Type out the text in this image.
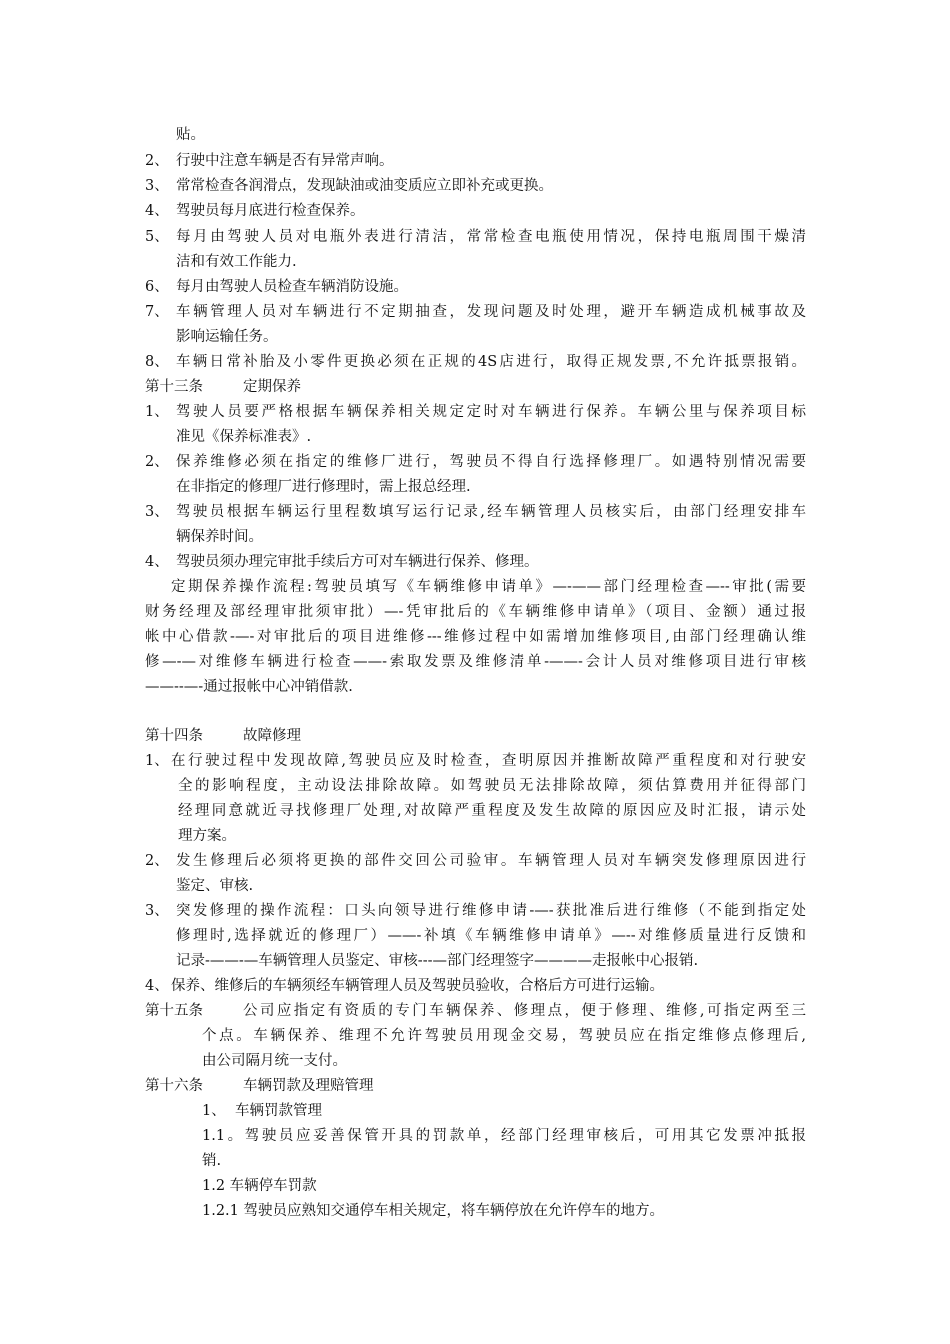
贴。
2、 行驶中注意车辆是否有异常声响。
3、 常常检查各润滑点，发现缺油或油变质应立即补充或更换。
4、 驾驶员每月底进行检查保养。
5、 每月由驾驶人员对电瓶外表进行清洁，常常检查电瓶使用情况，保持电瓶周围干燥清
洁和有效工作能力.
6、 每月由驾驶人员检查车辆消防设施。
7、 车辆管理人员对车辆进行不定期抽查，发现问题及时处理，避开车辆造成机械事故及
影响运输任务。
8、 车辆日常补胎及小零件更换必须在正规的4S店进行，取得正规发票,不允许抵票报销。
第十三条	定期保养
1、 驾驶人员要严格根据车辆保养相关规定定时对车辆进行保养。车辆公里与保养项目标
准见《保养标准表》.
2、 保养维修必须在指定的维修厂进行，驾驶员不得自行选择修理厂。如遇特别情况需要
在非指定的修理厂进行修理时，需上报总经理.
3、 驾驶员根据车辆运行里程数填写运行记录,经车辆管理人员核实后，由部门经理安排车
辆保养时间。
4、 驾驶员须办理完审批手续后方可对车辆进行保养、修理。
定期保养操作流程:驾驶员填写《车辆维修申请单》—-——部门经理检查—--审批(需要
财务经理及部经理审批须审批）—-凭审批后的《车辆维修申请单》（项目、金额）通过报
帐中心借款-—-对审批后的项目进维修---维修过程中如需增加维修项目,由部门经理确认维
修—-—对维修车辆进行检查——-索取发票及维修清单-——-会计人员对维修项目进行审核
——--—-通过报帐中心冲销借款.
第十四条	故障修理
1、 在行驶过程中发现故障,驾驶员应及时检查，查明原因并推断故障严重程度和对行驶安
全的影响程度，主动设法排除故障。如驾驶员无法排除故障，须估算费用并征得部门
经理同意就近寻找修理厂处理,对故障严重程度及发生故障的原因应及时汇报，请示处
理方案。
2、 发生修理后必须将更换的部件交回公司验审。车辆管理人员对车辆突发修理原因进行
鉴定、审核.
3、 突发修理的操作流程：口头向领导进行维修申请-—-获批准后进行维修（不能到指定处
修理时,选择就近的修理厂）——-补填《车辆维修申请单》—--对维修质量进行反馈和
记录-——-—车辆管理人员鉴定、审核---—部门经理签字————走报帐中心报销.
4、 保养、维修后的车辆须经车辆管理人员及驾驶员验收，合格后方可进行运输。
第十五条	公司应指定有资质的专门车辆保养、修理点，便于修理、维修,可指定两至三
个点。车辆保养、维理不允许驾驶员用现金交易，驾驶员应在指定维修点修理后,
由公司隔月统一支付。
第十六条	车辆罚款及理赔管理
1、  车辆罚款管理
1.1。驾驶员应妥善保管开具的罚款单，经部门经理审核后，可用其它发票冲抵报
销.
1.2 车辆停车罚款
1.2.1 驾驶员应熟知交通停车相关规定，将车辆停放在允许停车的地方。
